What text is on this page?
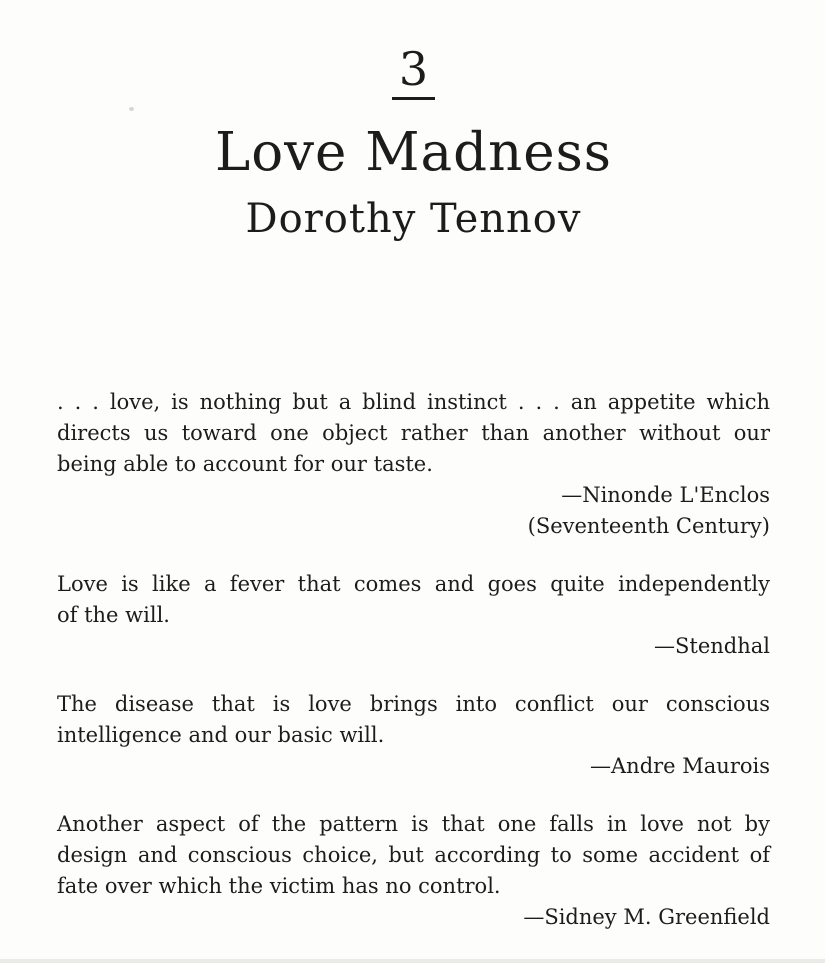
3
Love Madness
Dorothy Tennov
. . . love, is nothing but a blind instinct . . . an appetite which
directs us toward one object rather than another without our
being able to account for our taste.
—Ninonde L'Enclos
(Seventeenth Century)
Love is like a fever that comes and goes quite independently
of the will.
—Stendhal
The disease that is love brings into conflict our conscious
intelligence and our basic will.
—Andre Maurois
Another aspect of the pattern is that one falls in love not by
design and conscious choice, but according to some accident of
fate over which the victim has no control.
—Sidney M. Greenfield
